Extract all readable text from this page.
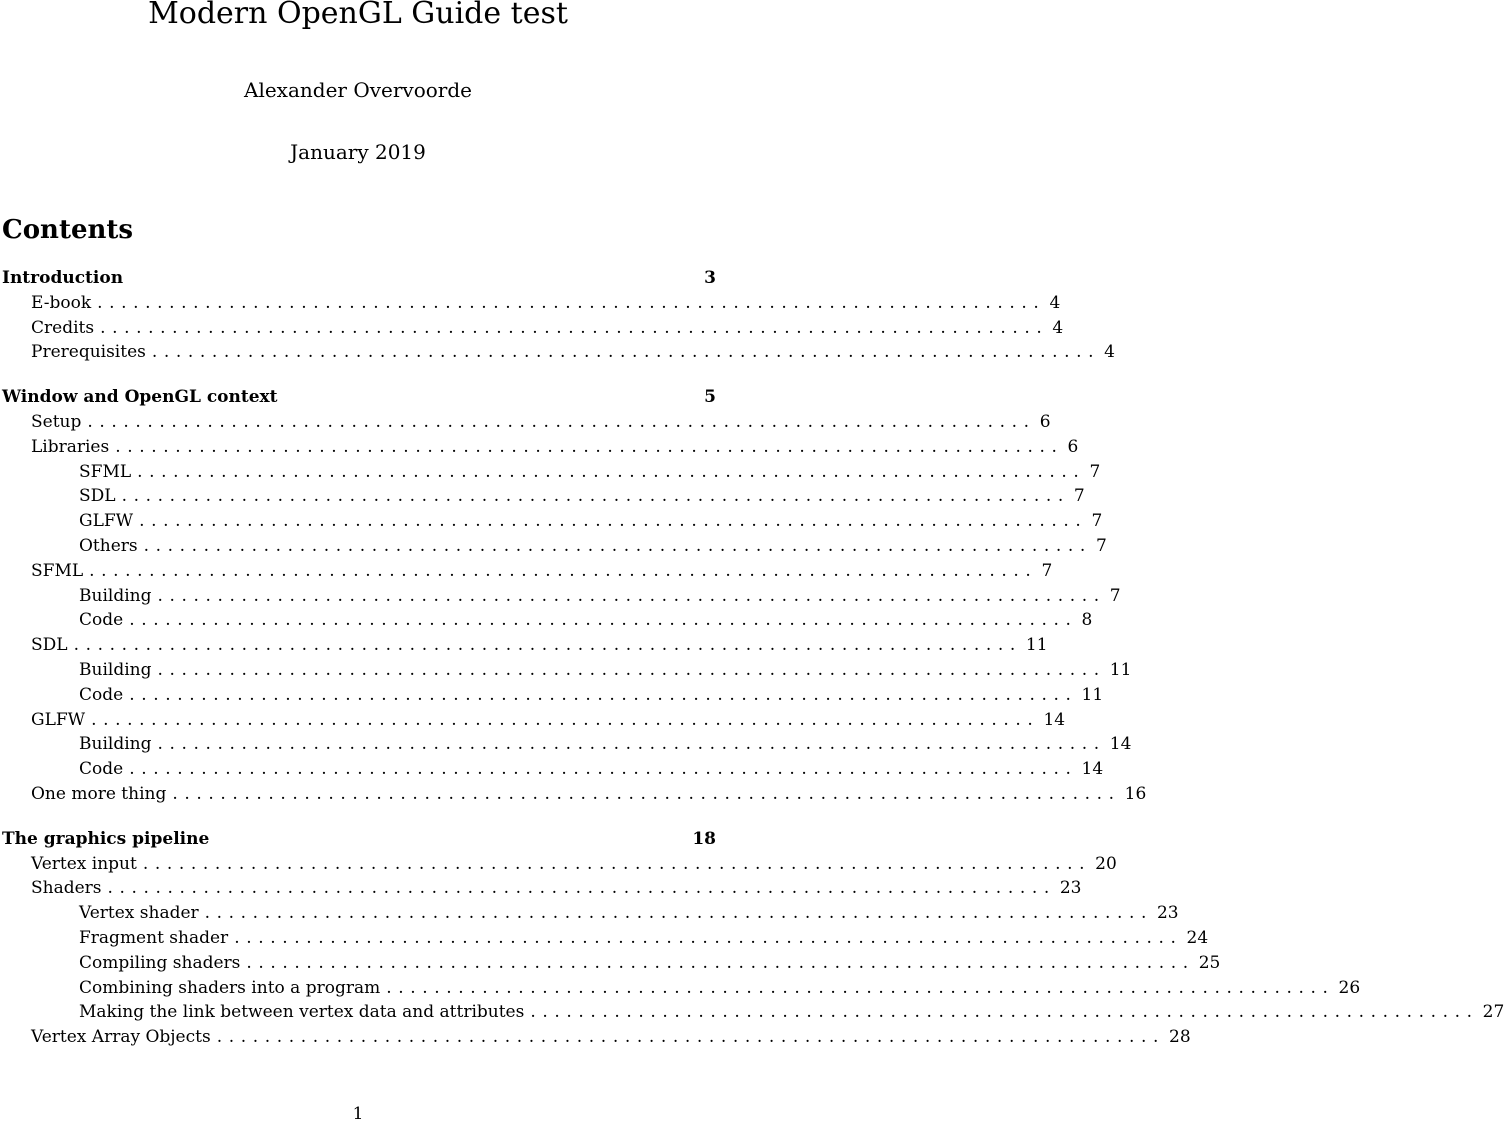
Modern OpenGL Guide test
Alexander Overvoorde
January 2019
Contents
Introduction	3
E-book ............................................................................... 4
Credits ............................................................................... 4
Prerequisites ............................................................................... 4
Window and OpenGL context	5
Setup ............................................................................... 6
Libraries ............................................................................... 6
SFML ............................................................................... 7
SDL ............................................................................... 7
GLFW ............................................................................... 7
Others ............................................................................... 7
SFML ............................................................................... 7
Building ............................................................................... 7
Code ............................................................................... 8
SDL ............................................................................... 11
Building ............................................................................... 11
Code ............................................................................... 11
GLFW ............................................................................... 14
Building ............................................................................... 14
Code ............................................................................... 14
One more thing ............................................................................... 16
The graphics pipeline	18
Vertex input ............................................................................... 20
Shaders ............................................................................... 23
Vertex shader ............................................................................... 23
Fragment shader ............................................................................... 24
Compiling shaders ............................................................................... 25
Combining shaders into a program ............................................................................... 26
Making the link between vertex data and attributes ............................................................................... 27
Vertex Array Objects ............................................................................... 28
1
